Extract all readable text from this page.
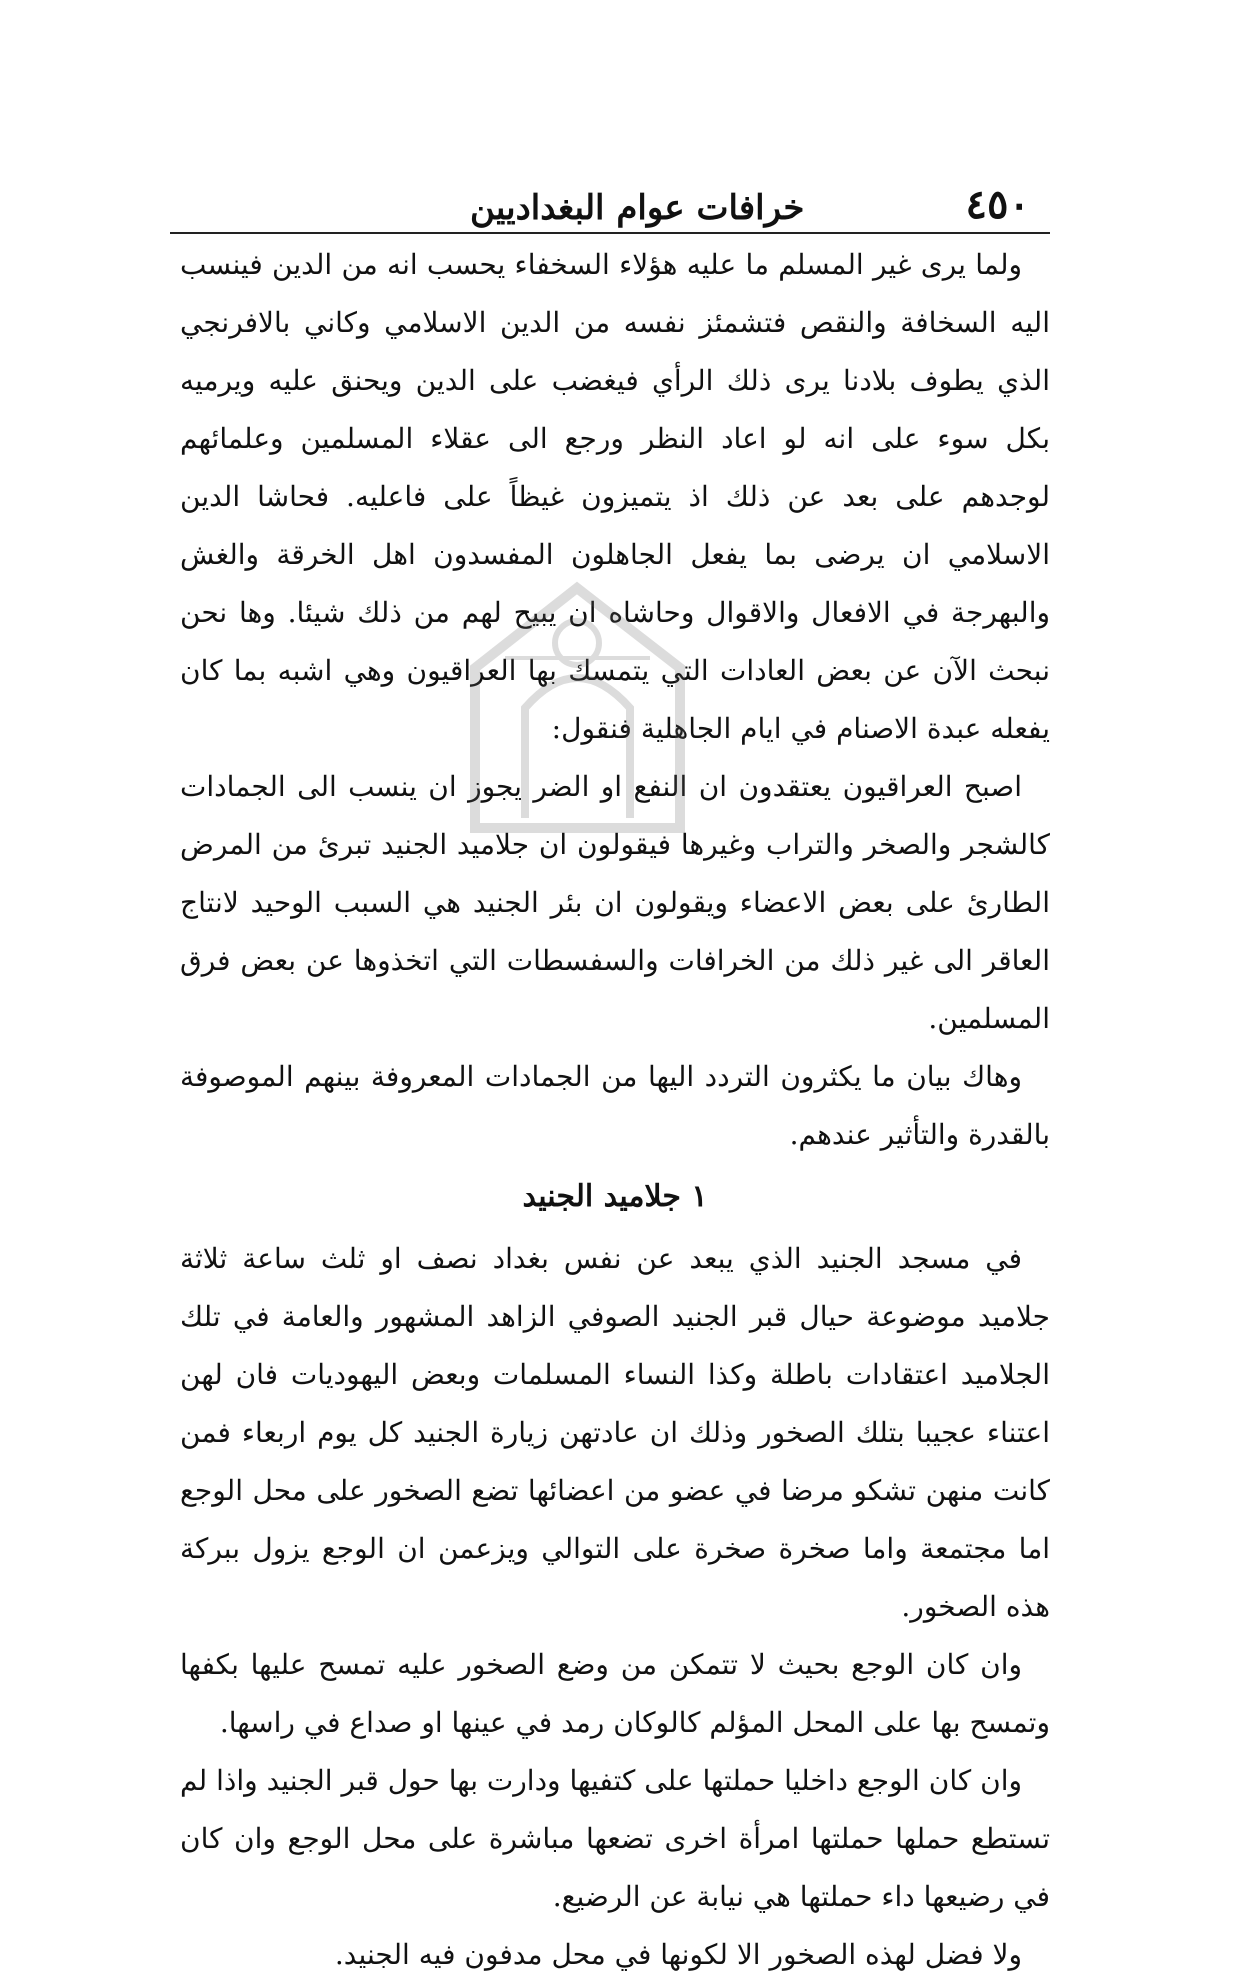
٤٥٠
خرافات عوام البغداديين

ولما يرى غير المسلم ما عليه هؤلاء السخفاء يحسب انه من الدين فينسب اليه السخافة والنقص فتشمئز نفسه من الدين الاسلامي وكاني بالافرنجي الذي يطوف بلادنا يرى ذلك الرأي فيغضب على الدين ويحنق عليه ويرميه بكل سوء على انه لو اعاد النظر ورجع الى عقلاء المسلمين وعلمائهم لوجدهم على بعد عن ذلك اذ يتميزون غيظاً على فاعليه. فحاشا الدين الاسلامي ان يرضى بما يفعل الجاهلون المفسدون اهل الخرقة والغش والبهرجة في الافعال والاقوال وحاشاه ان يبيح لهم من ذلك شيئا. وها نحن نبحث الآن عن بعض العادات التي يتمسك بها العراقيون وهي اشبه بما كان يفعله عبدة الاصنام في ايام الجاهلية فنقول:

اصبح العراقيون يعتقدون ان النفع او الضر يجوز ان ينسب الى الجمادات كالشجر والصخر والتراب وغيرها فيقولون ان جلاميد الجنيد تبرئ من المرض الطارئ على بعض الاعضاء ويقولون ان بئر الجنيد هي السبب الوحيد لانتاج العاقر الى غير ذلك من الخرافات والسفسطات التي اتخذوها عن بعض فرق المسلمين.

وهاك بيان ما يكثرون التردد اليها من الجمادات المعروفة بينهم الموصوفة بالقدرة والتأثير عندهم.

١ جلاميد الجنيد

في مسجد الجنيد الذي يبعد عن نفس بغداد نصف او ثلث ساعة ثلاثة جلاميد موضوعة حيال قبر الجنيد الصوفي الزاهد المشهور والعامة في تلك الجلاميد اعتقادات باطلة وكذا النساء المسلمات وبعض اليهوديات فان لهن اعتناء عجيبا بتلك الصخور وذلك ان عادتهن زيارة الجنيد كل يوم اربعاء فمن كانت منهن تشكو مرضا في عضو من اعضائها تضع الصخور على محل الوجع اما مجتمعة واما صخرة صخرة على التوالي ويزعمن ان الوجع يزول ببركة هذه الصخور.

وان كان الوجع بحيث لا تتمكن من وضع الصخور عليه تمسح عليها بكفها وتمسح بها على المحل المؤلم كالوكان رمد في عينها او صداع في راسها.

وان كان الوجع داخليا حملتها على كتفيها ودارت بها حول قبر الجنيد واذا لم تستطع حملها حملتها امرأة اخرى تضعها مباشرة على محل الوجع وان كان في رضيعها داء حملتها هي نيابة عن الرضيع.

ولا فضل لهذه الصخور الا لكونها في محل مدفون فيه الجنيد.
